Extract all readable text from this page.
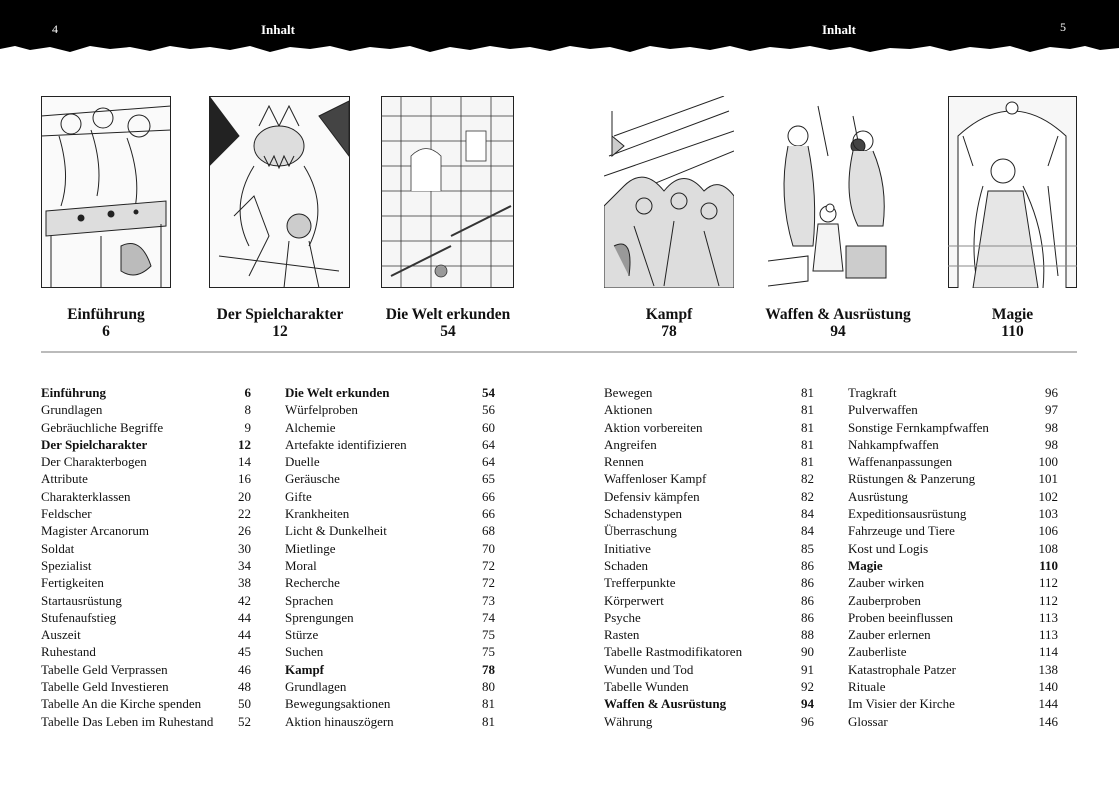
4	Inhalt	Inhalt	5
Einführung
6
Der Spielcharakter
12
Die Welt erkunden
54
Kampf
78
Waffen & Ausrüstung
94
Magie
110
Einführung	6
Grundlagen	8
Gebräuchliche Begriffe	9
Der Spielcharakter	12
Der Charakterbogen	14
Attribute	16
Charakterklassen	20
Feldscher	22
Magister Arcanorum	26
Soldat	30
Spezialist	34
Fertigkeiten	38
Startausrüstung	42
Stufenaufstieg	44
Auszeit	44
Ruhestand	45
Tabelle Geld Verprassen	46
Tabelle Geld Investieren	48
Tabelle An die Kirche spenden	50
Tabelle Das Leben im Ruhestand 52
Die Welt erkunden	54
Würfelproben	56
Alchemie	60
Artefakte identifizieren	64
Duelle	64
Geräusche	65
Gifte	66
Krankheiten	66
Licht & Dunkelheit	68
Mietlinge	70
Moral	72
Recherche	72
Sprachen	73
Sprengungen	74
Stürze	75
Suchen	75
Kampf	78
Grundlagen	80
Bewegungsaktionen	81
Aktion hinauszögern	81
Bewegen	81
Aktionen	81
Aktion vorbereiten	81
Angreifen	81
Rennen	81
Waffenloser Kampf	82
Defensiv kämpfen	82
Schadenstypen	84
Überraschung	84
Initiative	85
Schaden	86
Trefferpunkte	86
Körperwert	86
Psyche	86
Rasten	88
Tabelle Rastmodifikatoren	90
Wunden und Tod	91
Tabelle Wunden	92
Waffen & Ausrüstung	94
Währung	96
Tragkraft	96
Pulverwaffen	97
Sonstige Fernkampfwaffen	98
Nahkampfwaffen	98
Waffenanpassungen	100
Rüstungen & Panzerung	101
Ausrüstung	102
Expeditionsausrüstung	103
Fahrzeuge und Tiere	106
Kost und Logis	108
Magie	110
Zauber wirken	112
Zauberproben	112
Proben beeinflussen	113
Zauber erlernen	113
Zauberliste	114
Katastrophale Patzer	138
Rituale	140
Im Visier der Kirche	144
Glossar	146
